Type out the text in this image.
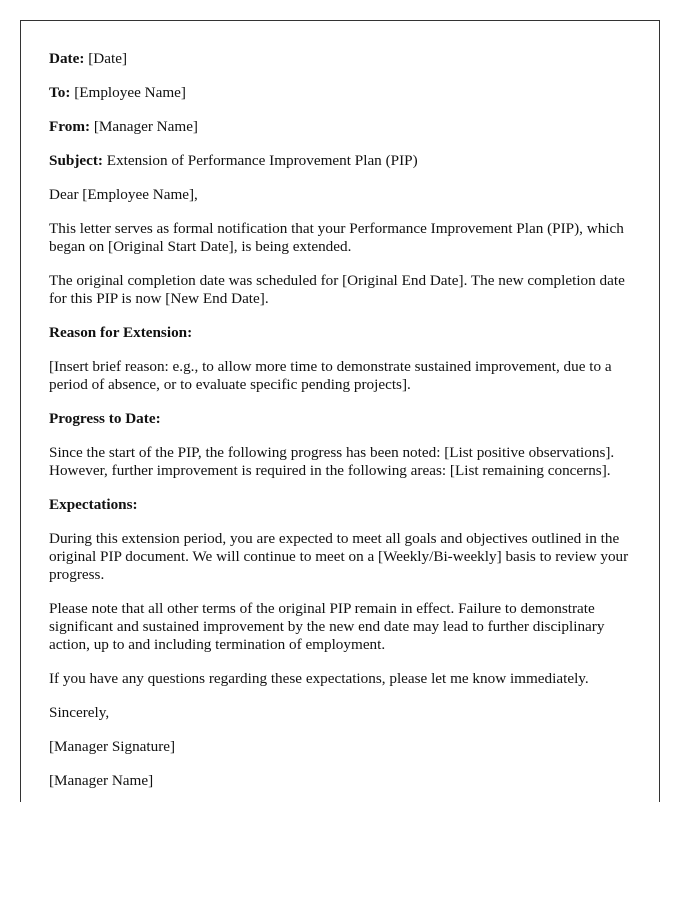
Date: [Date]

To: [Employee Name]

From: [Manager Name]

Subject: Extension of Performance Improvement Plan (PIP)

Dear [Employee Name],

This letter serves as formal notification that your Performance Improvement Plan (PIP), which began on [Original Start Date], is being extended.

The original completion date was scheduled for [Original End Date]. The new completion date for this PIP is now [New End Date].

Reason for Extension:

[Insert brief reason: e.g., to allow more time to demonstrate sustained improvement, due to a period of absence, or to evaluate specific pending projects].

Progress to Date:

Since the start of the PIP, the following progress has been noted: [List positive observations]. However, further improvement is required in the following areas: [List remaining concerns].

Expectations:

During this extension period, you are expected to meet all goals and objectives outlined in the original PIP document. We will continue to meet on a [Weekly/Bi-weekly] basis to review your progress.

Please note that all other terms of the original PIP remain in effect. Failure to demonstrate significant and sustained improvement by the new end date may lead to further disciplinary action, up to and including termination of employment.

If you have any questions regarding these expectations, please let me know immediately.

Sincerely,

[Manager Signature]

[Manager Name]
